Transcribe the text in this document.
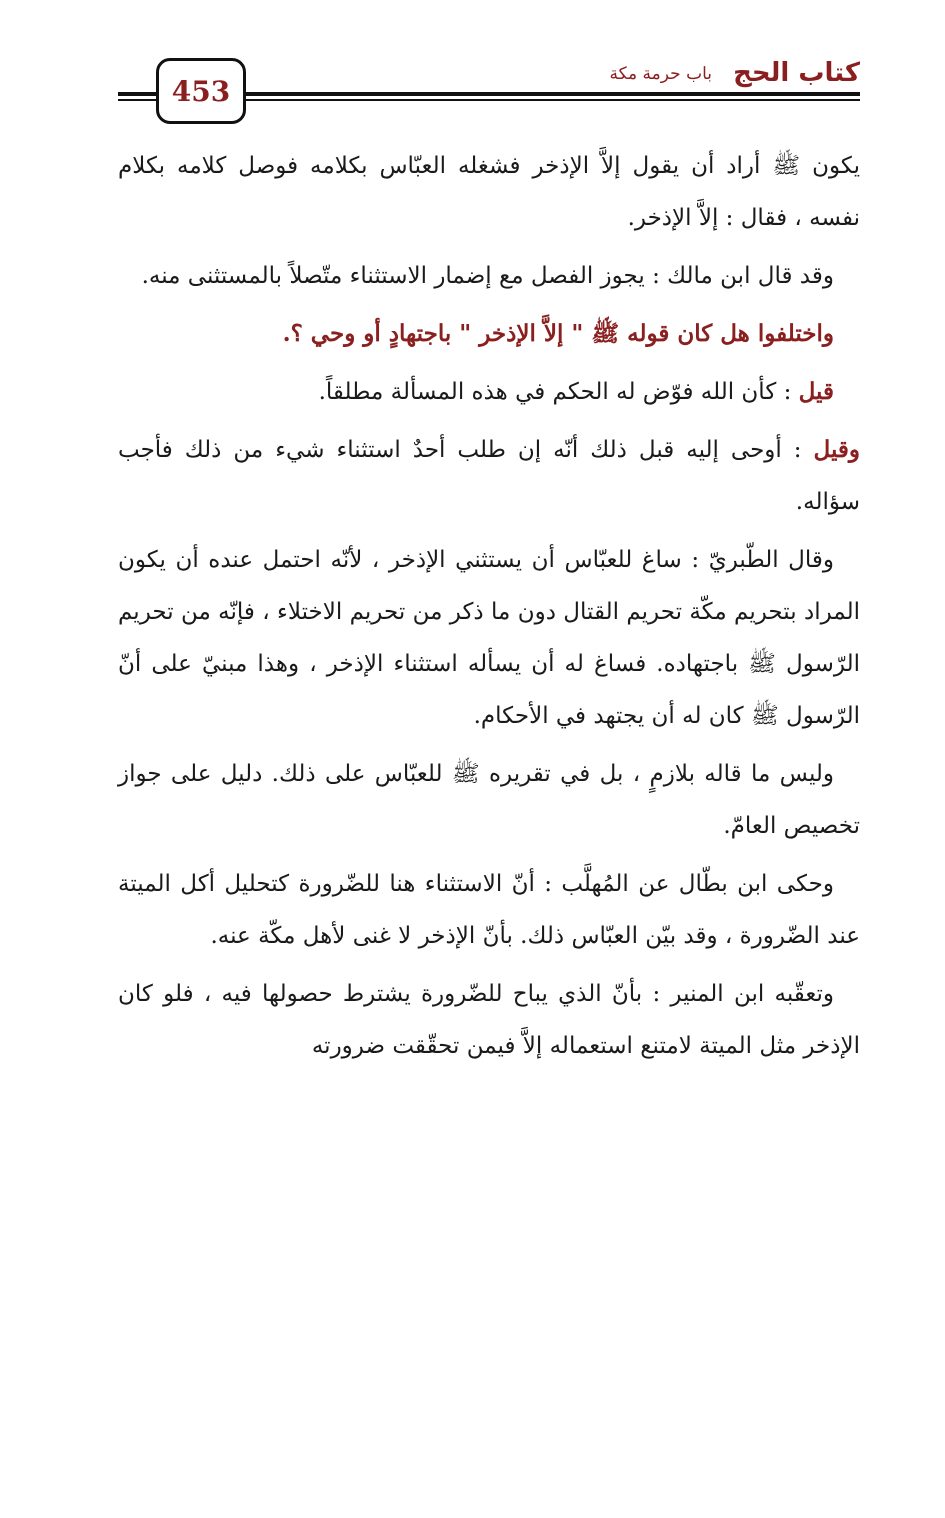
كتاب الحج
باب حرمة مكة
453

يكون ﷺ أراد أن يقول إلاَّ الإذخر فشغله العبّاس بكلامه فوصل كلامه بكلام نفسه ، فقال : إلاَّ الإذخر.

وقد قال ابن مالك : يجوز الفصل مع إضمار الاستثناء متّصلاً بالمستثنى منه.

واختلفوا هل كان قوله ﷺ " إلاَّ الإذخر " باجتهادٍ أو وحي ؟.

قيل : كأن الله فوّض له الحكم في هذه المسألة مطلقاً.

وقيل : أوحى إليه قبل ذلك أنّه إن طلب أحدٌ استثناء شيء من ذلك فأجب سؤاله.

وقال الطّبريّ : ساغ للعبّاس أن يستثني الإذخر ، لأنّه احتمل عنده أن يكون المراد بتحريم مكّة تحريم القتال دون ما ذكر من تحريم الاختلاء ، فإنّه من تحريم الرّسول ﷺ باجتهاده. فساغ له أن يسأله استثناء الإذخر ، وهذا مبنيّ على أنّ الرّسول ﷺ كان له أن يجتهد في الأحكام.

وليس ما قاله بلازمٍ ، بل في تقريره ﷺ للعبّاس على ذلك. دليل على جواز تخصيص العامّ.

وحكى ابن بطّال عن المُهلَّب : أنّ الاستثناء هنا للضّرورة كتحليل أكل الميتة عند الضّرورة ، وقد بيّن العبّاس ذلك. بأنّ الإذخر لا غنى لأهل مكّة عنه.

وتعقّبه ابن المنير : بأنّ الذي يباح للضّرورة يشترط حصولها فيه ، فلو كان الإذخر مثل الميتة لامتنع استعماله إلاَّ فيمن تحقّقت ضرورته
